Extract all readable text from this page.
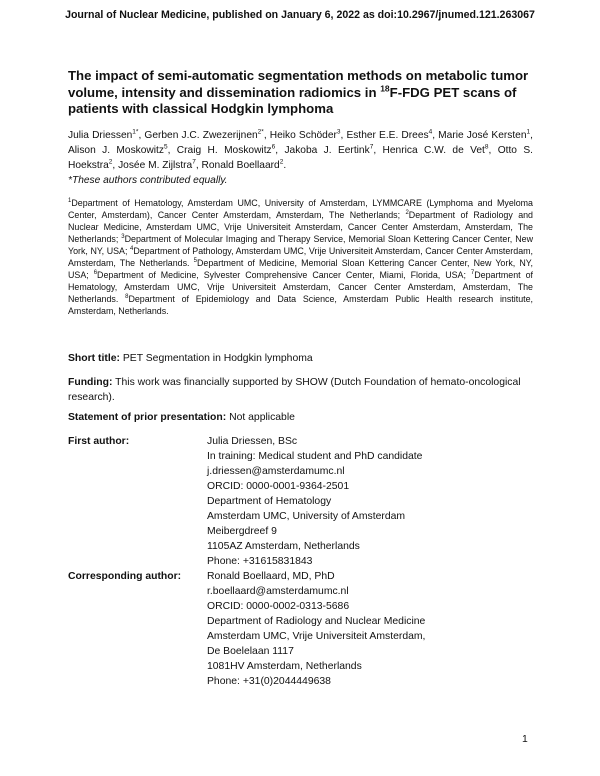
Journal of Nuclear Medicine, published on January 6, 2022 as doi:10.2967/jnumed.121.263067
The impact of semi-automatic segmentation methods on metabolic tumor volume, intensity and dissemination radiomics in $^{18}$F-FDG PET scans of patients with classical Hodgkin lymphoma
Julia Driessen$^{1*}$, Gerben J.C. Zwezerijnen$^{2*}$, Heiko Schöder$^3$, Esther E.E. Drees$^4$, Marie José Kersten$^1$, Alison J. Moskowitz$^5$, Craig H. Moskowitz$^6$, Jakoba J. Eertink$^7$, Henrica C.W. de Vet$^8$, Otto S. Hoekstra$^2$, Josée M. Zijlstra$^7$, Ronald Boellaard$^2$.
*These authors contributed equally.
$^1$Department of Hematology, Amsterdam UMC, University of Amsterdam, LYMMCARE (Lymphoma and Myeloma Center, Amsterdam), Cancer Center Amsterdam, Amsterdam, The Netherlands; $^2$Department of Radiology and Nuclear Medicine, Amsterdam UMC, Vrije Universiteit Amsterdam, Cancer Center Amsterdam, Amsterdam, The Netherlands; $^3$Department of Molecular Imaging and Therapy Service, Memorial Sloan Kettering Cancer Center, New York, NY, USA; $^4$Department of Pathology, Amsterdam UMC, Vrije Universiteit Amsterdam, Cancer Center Amsterdam, Amsterdam, The Netherlands. $^5$Department of Medicine, Memorial Sloan Kettering Cancer Center, New York, NY, USA; $^6$Department of Medicine, Sylvester Comprehensive Cancer Center, Miami, Florida, USA; $^7$Department of Hematology, Amsterdam UMC, Vrije Universiteit Amsterdam, Cancer Center Amsterdam, Amsterdam, The Netherlands. $^8$Department of Epidemiology and Data Science, Amsterdam Public Health research institute, Amsterdam, Netherlands.
Short title: PET Segmentation in Hodgkin lymphoma
Funding: This work was financially supported by SHOW (Dutch Foundation of hemato-oncological research).
Statement of prior presentation: Not applicable
First author:	Julia Driessen, BSc
In training: Medical student and PhD candidate
j.driessen@amsterdamumc.nl
ORCID: 0000-0001-9364-2501
Department of Hematology
Amsterdam UMC, University of Amsterdam
Meibergdreef 9
1105AZ Amsterdam, Netherlands
Phone: +31615831843
Corresponding author: Ronald Boellaard, MD, PhD
r.boellaard@amsterdamumc.nl
ORCID: 0000-0002-0313-5686
Department of Radiology and Nuclear Medicine
Amsterdam UMC, Vrije Universiteit Amsterdam,
De Boelelaan 1117
1081HV Amsterdam, Netherlands
Phone: +31(0)2044449638
1
